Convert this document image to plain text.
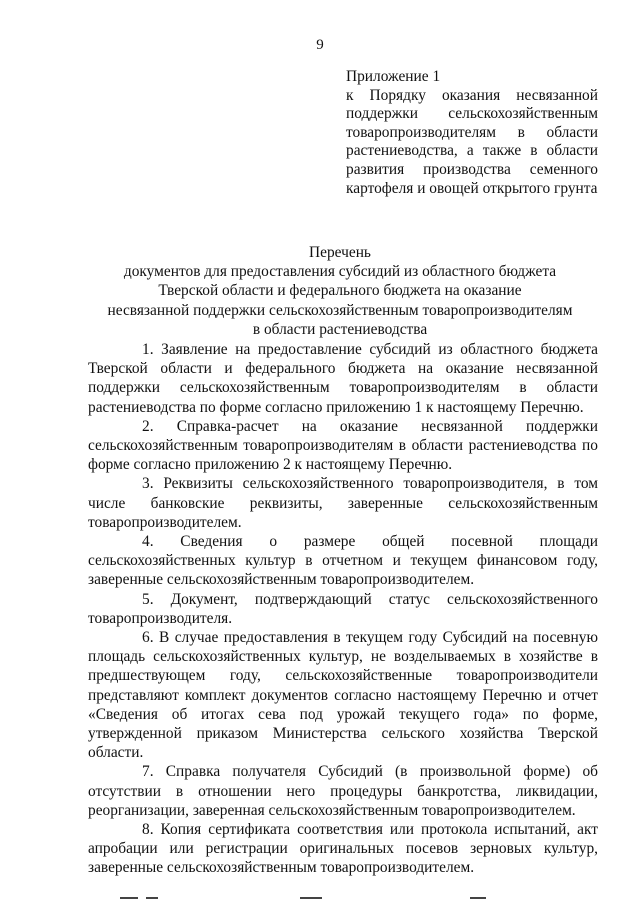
9
Приложение 1
к Порядку оказания несвязанной поддержки сельскохозяйственным товаропроизводителям в области растениеводства, а также в области развития производства семенного картофеля и овощей открытого грунта
Перечень
документов для предоставления субсидий из областного бюджета
Тверской области и федерального бюджета на оказание
несвязанной поддержки сельскохозяйственным товаропроизводителям
в области растениеводства

1. Заявление на предоставление субсидий из областного бюджета Тверской области и федерального бюджета на оказание несвязанной поддержки сельскохозяйственным товаропроизводителям в области растениеводства по форме согласно приложению 1 к настоящему Перечню.

2. Справка-расчет на оказание несвязанной поддержки сельскохозяйственным товаропроизводителям в области растениеводства по форме согласно приложению 2 к настоящему Перечню.

3. Реквизиты сельскохозяйственного товаропроизводителя, в том числе банковские реквизиты, заверенные сельскохозяйственным товаропроизводителем.

4. Сведения о размере общей посевной площади сельскохозяйственных культур в отчетном и текущем финансовом году, заверенные сельскохозяйственным товаропроизводителем.

5. Документ, подтверждающий статус сельскохозяйственного товаропроизводителя.

6. В случае предоставления в текущем году Субсидий на посевную площадь сельскохозяйственных культур, не возделываемых в хозяйстве в предшествующем году, сельскохозяйственные товаропроизводители представляют комплект документов согласно настоящему Перечню и отчет «Сведения об итогах сева под урожай текущего года» по форме, утвержденной приказом Министерства сельского хозяйства Тверской области.

7. Справка получателя Субсидий (в произвольной форме) об отсутствии в отношении него процедуры банкротства, ликвидации, реорганизации, заверенная сельскохозяйственным товаропроизводителем.

8. Копия сертификата соответствия или протокола испытаний, акт апробации или регистрации оригинальных посевов зерновых культур, заверенные сельскохозяйственным товаропроизводителем.
